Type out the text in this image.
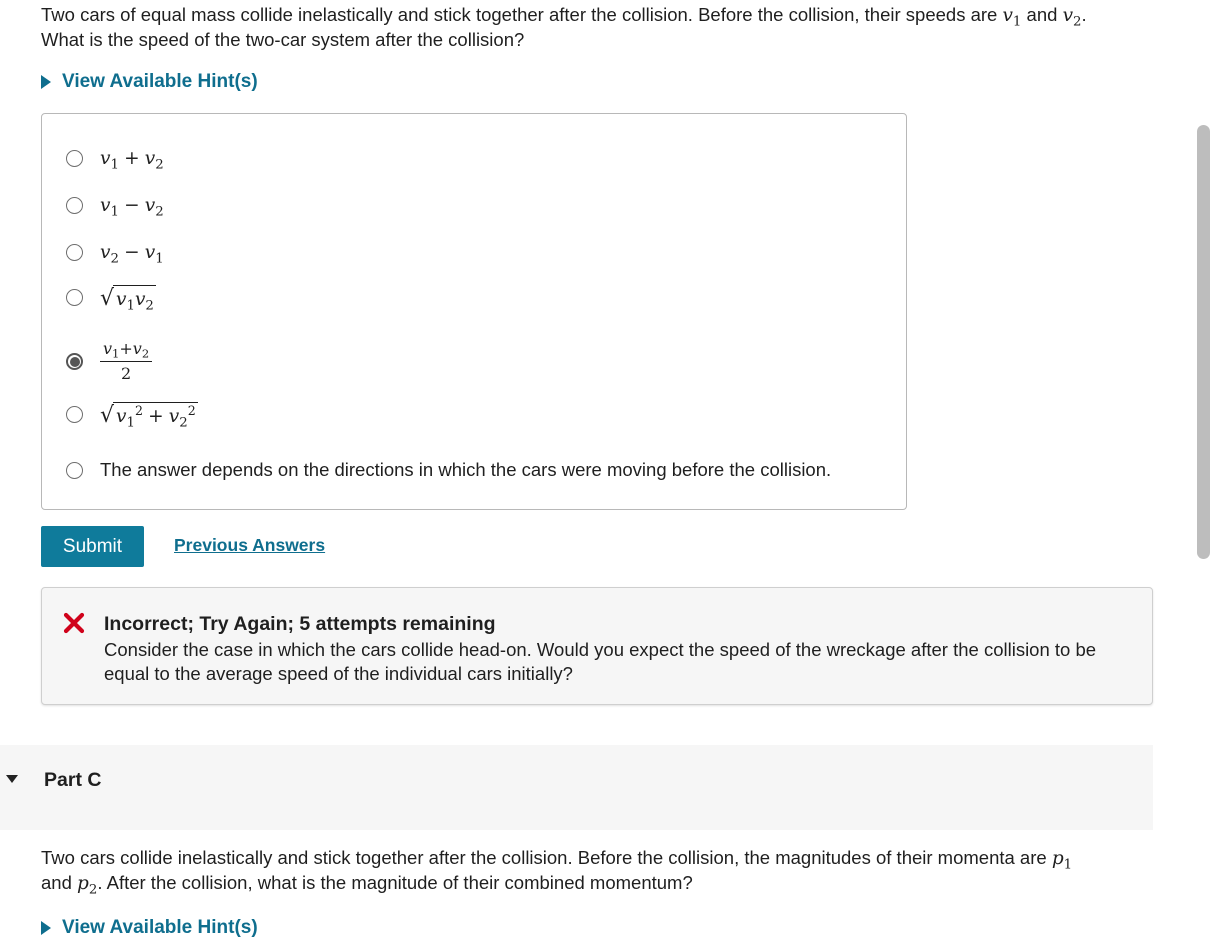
Two cars of equal mass collide inelastically and stick together after the collision. Before the collision, their speeds are $v_1$ and $v_2$.
What is the speed of the two-car system after the collision?
View Available Hint(s)
$v_1 + v_2$
$v_1 - v_2$
$v_2 - v_1$
√ $v_1v_2$
$\frac{v_1+v_2}{2}$
√ $v_1^2 + v_2^2$
The answer depends on the directions in which the cars were moving before the collision.
Submit	Previous Answers
Incorrect; Try Again; 5 attempts remaining
Consider the case in which the cars collide head-on. Would you expect the speed of the wreckage after the collision to be equal to the average speed of the individual cars initially?
Part C
Two cars collide inelastically and stick together after the collision. Before the collision, the magnitudes of their momenta are $p_1$
and $p_2$. After the collision, what is the magnitude of their combined momentum?
View Available Hint(s)
